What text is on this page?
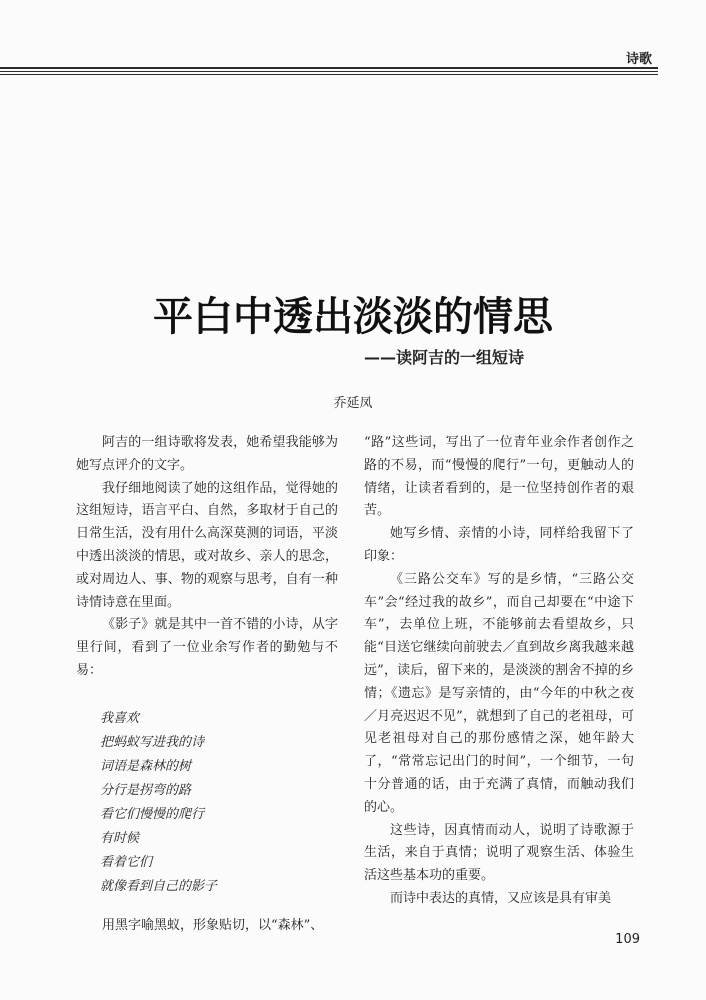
诗歌
平白中透出淡淡的情思
——读阿吉的一组短诗
乔延凤

阿吉的一组诗歌将发表，她希望我能够为她写点评介的文字。

我仔细地阅读了她的这组作品，觉得她的这组短诗，语言平白、自然，多取材于自己的日常生活，没有用什么高深莫测的词语，平淡中透出淡淡的情思，或对故乡、亲人的思念，或对周边人、事、物的观察与思考，自有一种诗情诗意在里面。

《影子》就是其中一首不错的小诗，从字里行间，看到了一位业余写作者的勤勉与不易：

我喜欢
把蚂蚁写进我的诗
词语是森林的树
分行是拐弯的路
看它们慢慢的爬行
有时候
看着它们
就像看到自己的影子

用黑字喻黑蚁，形象贴切，以“森林”、

“路”这些词，写出了一位青年业余作者创作之路的不易，而“慢慢的爬行”一句，更触动人的情绪，让读者看到的，是一位坚持创作者的艰苦。

她写乡情、亲情的小诗，同样给我留下了印象：

《三路公交车》写的是乡情，“三路公交车”会“经过我的故乡”，而自己却要在“中途下车”，去单位上班，不能够前去看望故乡，只能“目送它继续向前驶去／直到故乡离我越来越远”，读后，留下来的，是淡淡的割舍不掉的乡情；《遗忘》是写亲情的，由“今年的中秋之夜／月亮迟迟不见”，就想到了自己的老祖母，可见老祖母对自己的那份感情之深，她年龄大了，“常常忘记出门的时间”，一个细节，一句十分普通的话，由于充满了真情，而触动我们的心。

这些诗，因真情而动人，说明了诗歌源于生活，来自于真情；说明了观察生活、体验生活这些基本功的重要。

而诗中表达的真情，又应该是具有审美

109
